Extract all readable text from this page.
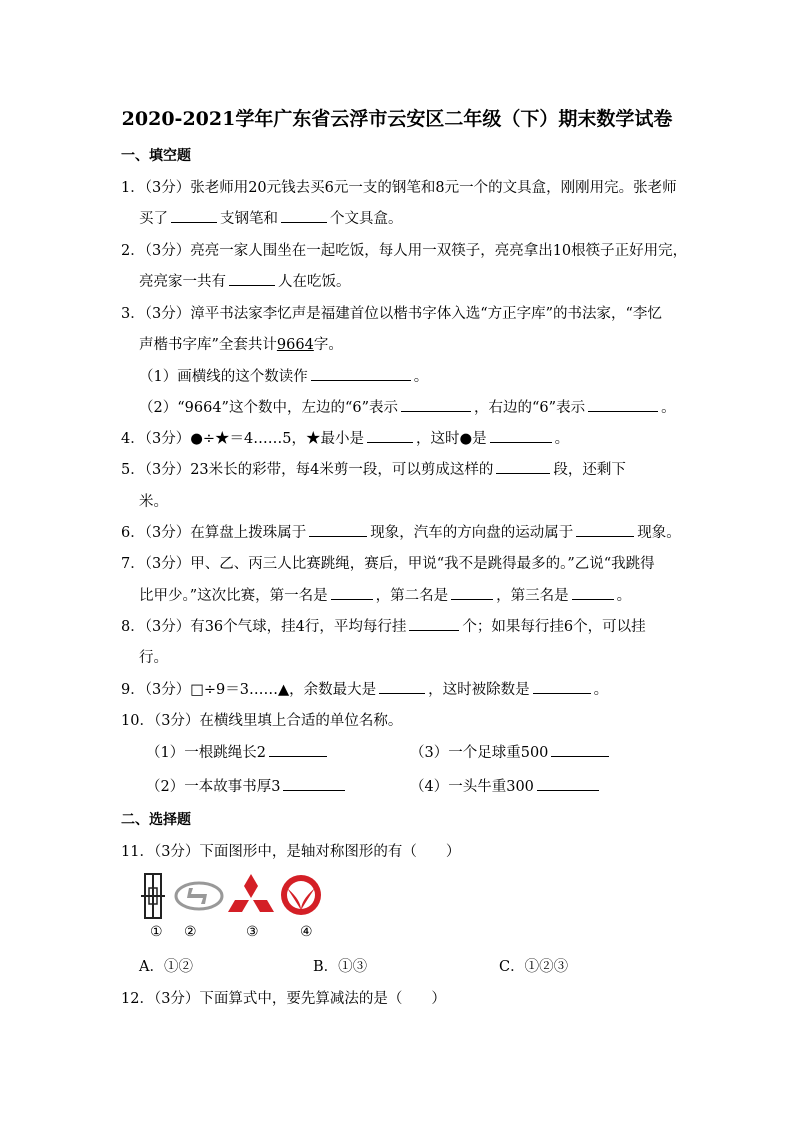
2020-2021学年广东省云浮市云安区二年级（下）期末数学试卷
一、填空题
1．（3分）张老师用20元钱去买6元一支的钢笔和8元一个的文具盒，刚刚用完。张老师
买了	支钢笔和	个文具盒。
2．（3分）亮亮一家人围坐在一起吃饭，每人用一双筷子，亮亮拿出10根筷子正好用完，
亮亮家一共有	人在吃饭。
3．（3分）漳平书法家李忆声是福建首位以楷书字体入选“方正字库”的书法家，“李忆
声楷书字库”全套共计9664字。
（1）画横线的这个数读作	。
（2）“9664”这个数中，左边的“6”表示	，右边的“6”表示	。
4．（3分）●÷★＝4……5，★最小是	，这时●是	。
5．（3分）23米长的彩带，每4米剪一段，可以剪成这样的	段，还剩下
米。
6．（3分）在算盘上拨珠属于	现象，汽车的方向盘的运动属于	现象。
7．（3分）甲、乙、丙三人比赛跳绳，赛后，甲说“我不是跳得最多的。”乙说“我跳得
比甲少。”这次比赛，第一名是	，第二名是	，第三名是	。
8．（3分）有36个气球，挂4行，平均每行挂	个；如果每行挂6个，可以挂
行。
9．（3分）□÷9＝3……▲，余数最大是	，这时被除数是	。
10．（3分）在横线里填上合适的单位名称。
（1）一根跳绳长2	（3）一个足球重500
（2）一本故事书厚3	（4）一头牛重300
二、选择题
11．（3分）下面图形中，是轴对称图形的有（　　）
① ②	③	④
A．①②	B．①③	C．①②③
12．（3分）下面算式中，要先算减法的是（　　）
